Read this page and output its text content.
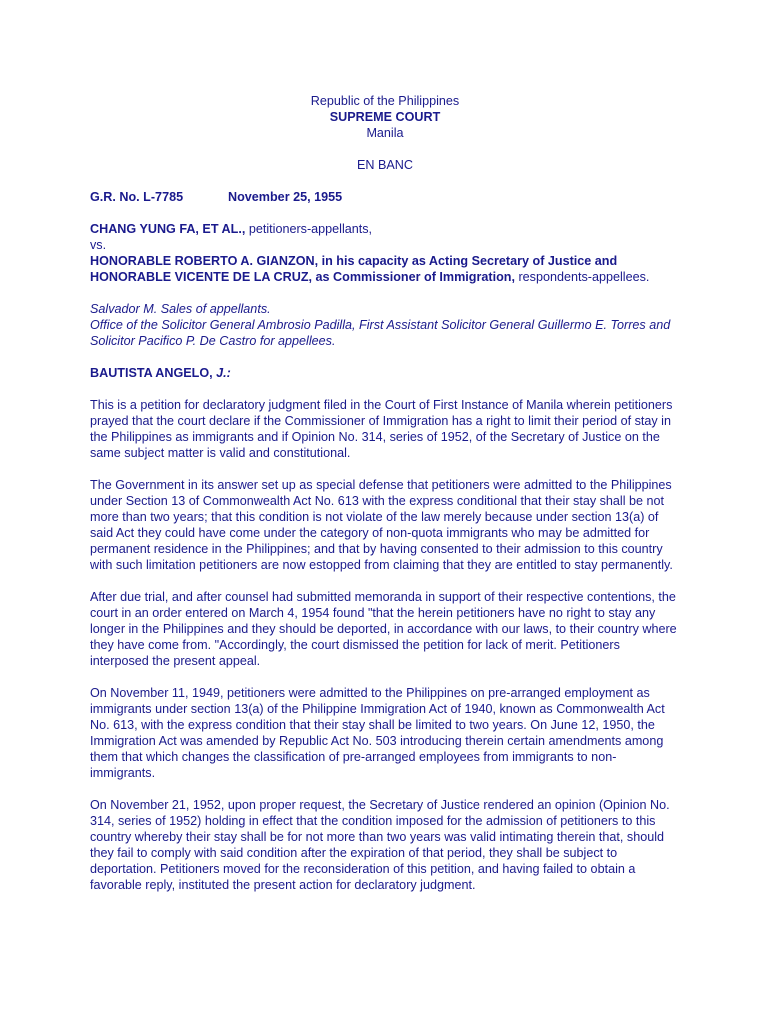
Republic of the Philippines
SUPREME COURT
Manila
EN BANC
G.R. No. L-7785	November 25, 1955
CHANG YUNG FA, ET AL., petitioners-appellants,
vs.
HONORABLE ROBERTO A. GIANZON, in his capacity as Acting Secretary of Justice and
HONORABLE VICENTE DE LA CRUZ, as Commissioner of Immigration, respondents-appellees.
Salvador M. Sales of appellants.
Office of the Solicitor General Ambrosio Padilla, First Assistant Solicitor General Guillermo E. Torres and Solicitor Pacifico P. De Castro for appellees.
BAUTISTA ANGELO, J.:

This is a petition for declaratory judgment filed in the Court of First Instance of Manila wherein petitioners prayed that the court declare if the Commissioner of Immigration has a right to limit their period of stay in the Philippines as immigrants and if Opinion No. 314, series of 1952, of the Secretary of Justice on the same subject matter is valid and constitutional.

The Government in its answer set up as special defense that petitioners were admitted to the Philippines under Section 13 of Commonwealth Act No. 613 with the express conditional that their stay shall be not more than two years; that this condition is not violate of the law merely because under section 13(a) of said Act they could have come under the category of non-quota immigrants who may be admitted for permanent residence in the Philippines; and that by having consented to their admission to this country with such limitation petitioners are now estopped from claiming that they are entitled to stay permanently.

After due trial, and after counsel had submitted memoranda in support of their respective contentions, the court in an order entered on March 4, 1954 found "that the herein petitioners have no right to stay any longer in the Philippines and they should be deported, in accordance with our laws, to their country where they have come from. "Accordingly, the court dismissed the petition for lack of merit. Petitioners interposed the present appeal.

On November 11, 1949, petitioners were admitted to the Philippines on pre-arranged employment as immigrants under section 13(a) of the Philippine Immigration Act of 1940, known as Commonwealth Act No. 613, with the express condition that their stay shall be limited to two years. On June 12, 1950, the Immigration Act was amended by Republic Act No. 503 introducing therein certain amendments among them that which changes the classification of pre-arranged employees from immigrants to non-immigrants.

On November 21, 1952, upon proper request, the Secretary of Justice rendered an opinion (Opinion No. 314, series of 1952) holding in effect that the condition imposed for the admission of petitioners to this country whereby their stay shall be for not more than two years was valid intimating therein that, should they fail to comply with said condition after the expiration of that period, they shall be subject to deportation. Petitioners moved for the reconsideration of this petition, and having failed to obtain a favorable reply, instituted the present action for declaratory judgment.
